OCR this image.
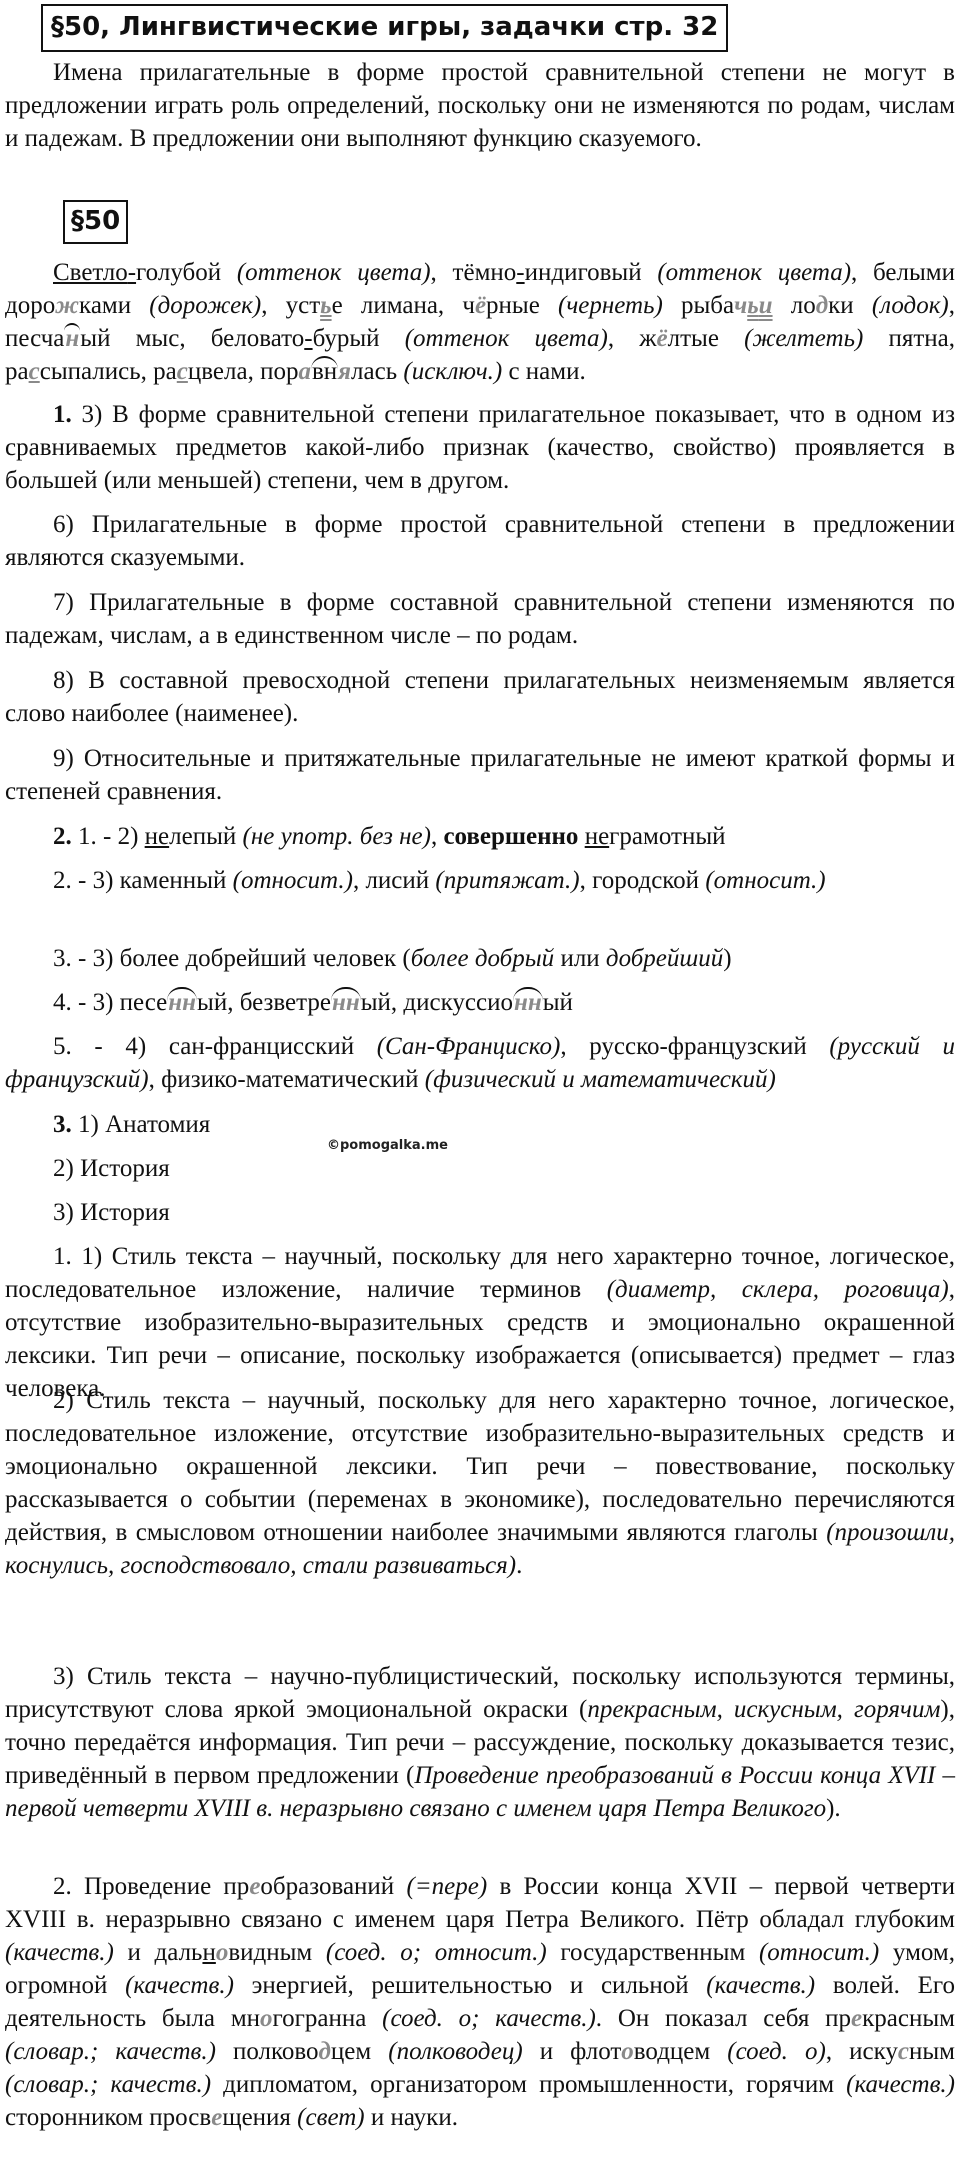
§50, Лингвистические игры, задачки стр. 32

Имена прилагательные в форме простой сравнительной степени не могут в предложении играть роль определений, поскольку они не изменяются по родам, числам и падежам. В предложении они выполняют функцию сказуемого.

§50

Светло-голубой (оттенок цвета), тёмно-индиговый (оттенок цвета), белыми дорожками (дорожек), устье лимана, чёрные (чернеть) рыбачьи лодки (лодок), песчаный мыс, беловато-бурый (оттенок цвета), жёлтые (желтеть) пятна, рассыпались, расцвела, поравнялась (исключ.) с нами.

1. 3) В форме сравнительной степени прилагательное показывает, что в одном из сравниваемых предметов какой-либо признак (качество, свойство) проявляется в большей (или меньшей) степени, чем в другом.

6) Прилагательные в форме простой сравнительной степени в предложении являются сказуемыми.

7) Прилагательные в форме составной сравнительной степени изменяются по падежам, числам, а в единственном числе – по родам.

8) В составной превосходной степени прилагательных неизменяемым является слово наиболее (наименее).

9) Относительные и притяжательные прилагательные не имеют краткой формы и степеней сравнения.

2. 1. - 2) нелепый (не употр. без не), совершенно неграмотный

2. - 3) каменный (относит.), лисий (притяжат.), городской (относит.)

3. - 3) более добрейший человек (более добрый или добрейший)

4. - 3) песенный, безветренный, дискуссионный

5. - 4) сан-францисский (Сан-Франциско), русско-французский (русский и французский), физико-математический (физический и математический)

3. 1) Анатомия

©pomogalka.me

2) История

3) История

1. 1) Стиль текста – научный, поскольку для него характерно точное, логическое, последовательное изложение, наличие терминов (диаметр, склера, роговица), отсутствие изобразительно-выразительных средств и эмоционально окрашенной лексики. Тип речи – описание, поскольку изображается (описывается) предмет – глаз человека.

2) Стиль текста – научный, поскольку для него характерно точное, логическое, последовательное изложение, отсутствие изобразительно-выразительных средств и эмоционально окрашенной лексики. Тип речи – повествование, поскольку рассказывается о событии (переменах в экономике), последовательно перечисляются действия, в смысловом отношении наиболее значимыми являются глаголы (произошли, коснулись, господствовало, стали развиваться).

3) Стиль текста – научно-публицистический, поскольку используются термины, присутствуют слова яркой эмоциональной окраски (прекрасным, искусным, горячим), точно передаётся информация. Тип речи – рассуждение, поскольку доказывается тезис, приведённый в первом предложении (Проведение преобразований в России конца XVII – первой четверти XVIII в. неразрывно связано с именем царя Петра Великого).

2. Проведение преобразований (=пере) в России конца XVII – первой четверти XVIII в. неразрывно связано с именем царя Петра Великого. Пётр обладал глубоким (качеств.) и дальновидным (соед. о; относит.) государственным (относит.) умом, огромной (качеств.) энергией, решительностью и сильной (качеств.) волей. Его деятельность была многогранна (соед. о; качеств.). Он показал себя прекрасным (словар.; качеств.) полководцем (полководец) и флотоводцем (соед. о), искусным (словар.; качеств.) дипломатом, организатором промышленности, горячим (качеств.) сторонником просвещения (свет) и науки.
